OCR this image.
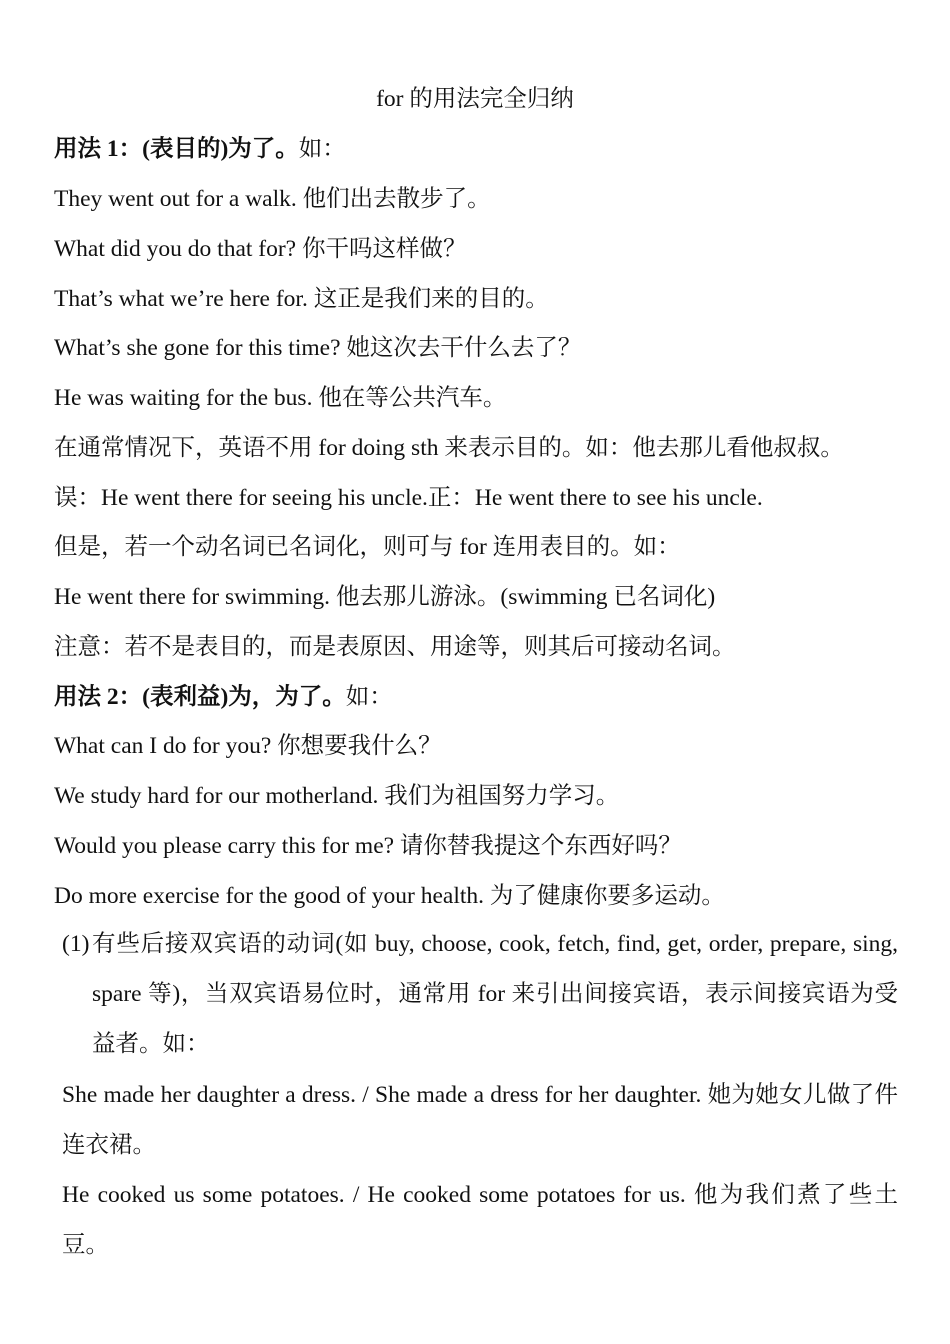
for 的用法完全归纳
用法 1：(表目的)为了。如：
They went out for a walk. 他们出去散步了。
What did you do that for? 你干吗这样做？
That’s what we’re here for. 这正是我们来的目的。
What’s she gone for this time? 她这次去干什么去了？
He was waiting for the bus. 他在等公共汽车。
在通常情况下，英语不用 for doing sth 来表示目的。如：他去那儿看他叔叔。
误：He went there for seeing his uncle.正：He went there to see his uncle.
但是，若一个动名词已名词化，则可与 for 连用表目的。如：
He went there for swimming. 他去那儿游泳。(swimming 已名词化)
注意：若不是表目的，而是表原因、用途等，则其后可接动名词。
用法 2：(表利益)为，为了。如：
What can I do for you? 你想要我什么？
We study hard for our motherland. 我们为祖国努力学习。
Would you please carry this for me? 请你替我提这个东西好吗？
Do more exercise for the good of your health. 为了健康你要多运动。
(1) 有些后接双宾语的动词(如 buy, choose, cook, fetch, find, get, order, prepare, sing, spare 等)，当双宾语易位时，通常用 for 来引出间接宾语，表示间接宾语为受益者。如：
She made her daughter a dress. / She made a dress for her daughter. 她为她女儿做了件连衣裙。
He cooked us some potatoes. / He cooked some potatoes for us. 他为我们煮了些土豆。
